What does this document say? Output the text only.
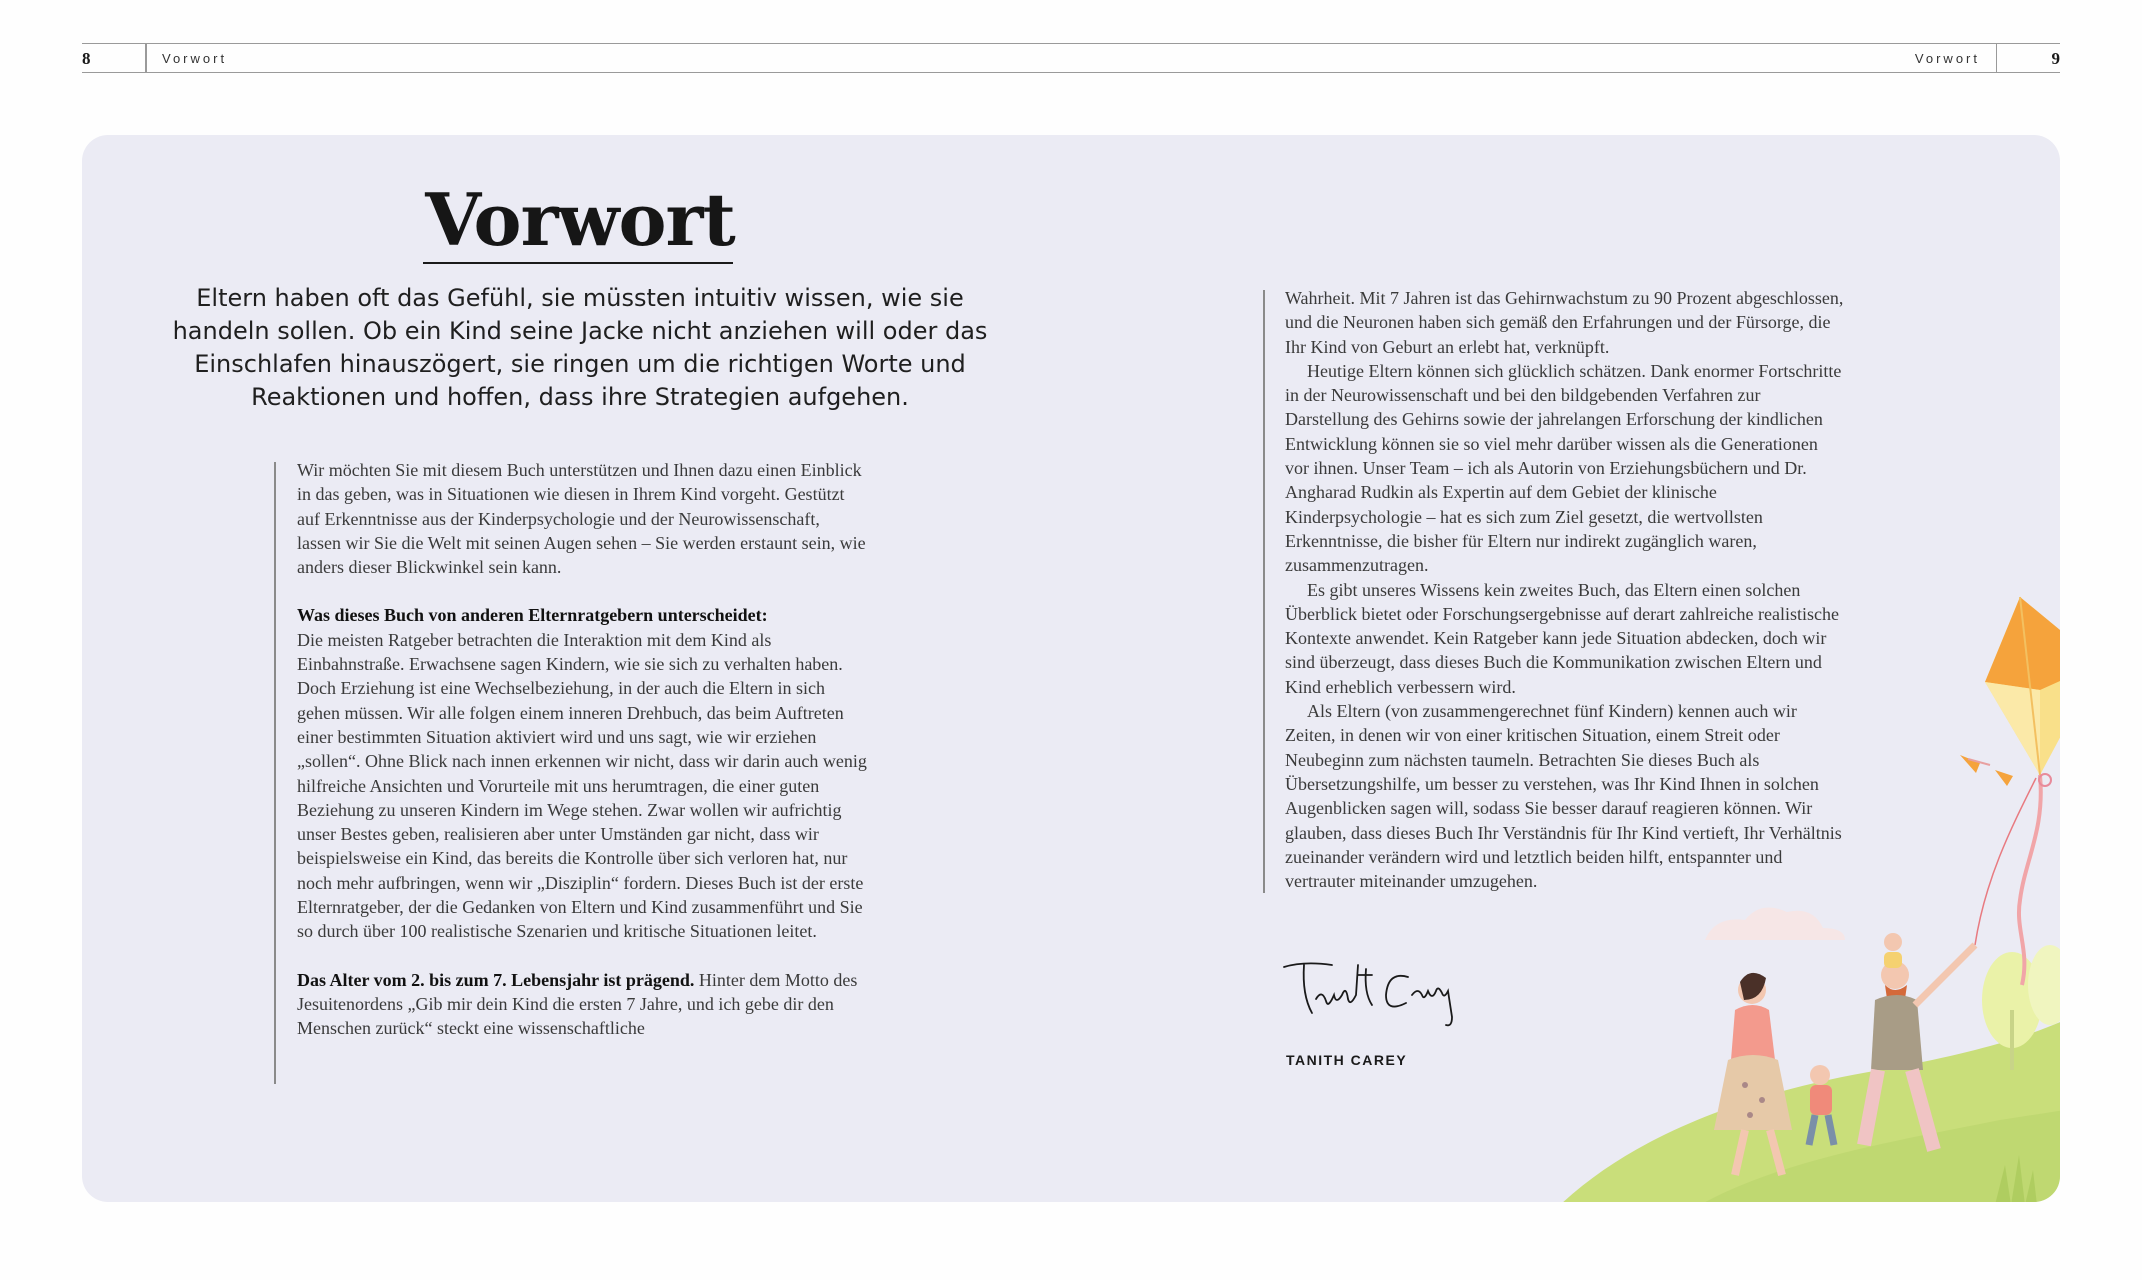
8	Vorwort	Vorwort	9
Vorwort
Eltern haben oft das Gefühl, sie müssten intuitiv wissen, wie sie handeln sollen. Ob ein Kind seine Jacke nicht anziehen will oder das Einschlafen hinauszögert, sie ringen um die richtigen Worte und Reaktionen und hoffen, dass ihre Strategien aufgehen.

Wir möchten Sie mit diesem Buch unterstützen und Ihnen dazu einen Einblick in das geben, was in Situationen wie diesen in Ihrem Kind vorgeht. Gestützt auf Erkenntnisse aus der Kinderpsychologie und der Neurowissenschaft, lassen wir Sie die Welt mit seinen Augen sehen – Sie werden erstaunt sein, wie anders dieser Blickwinkel sein kann.

Was dieses Buch von anderen Elternratgebern unterscheidet:

Die meisten Ratgeber betrachten die Interaktion mit dem Kind als Einbahnstraße. Erwachsene sagen Kindern, wie sie sich zu verhalten haben. Doch Erziehung ist eine Wechselbeziehung, in der auch die Eltern in sich gehen müssen. Wir alle folgen einem inneren Drehbuch, das beim Auftreten einer bestimmten Situation aktiviert wird und uns sagt, wie wir erziehen „sollen“. Ohne Blick nach innen erkennen wir nicht, dass wir darin auch wenig hilfreiche Ansichten und Vorurteile mit uns herumtragen, die einer guten Beziehung zu unseren Kindern im Wege stehen. Zwar wollen wir aufrichtig unser Bestes geben, realisieren aber unter Umständen gar nicht, dass wir beispielsweise ein Kind, das bereits die Kontrolle über sich verloren hat, nur noch mehr aufbringen, wenn wir „Disziplin“ fordern. Dieses Buch ist der erste Elternratgeber, der die Gedanken von Eltern und Kind zusammenführt und Sie so durch über 100 realistische Szenarien und kritische Situationen leitet.

Das Alter vom 2. bis zum 7. Lebensjahr ist prägend. Hinter dem Motto des Jesuitenordens „Gib mir dein Kind die ersten 7 Jahre, und ich gebe dir den Menschen zurück“ steckt eine wissenschaftliche

Wahrheit. Mit 7 Jahren ist das Gehirnwachstum zu 90 Prozent abgeschlossen, und die Neuronen haben sich gemäß den Erfahrungen und der Fürsorge, die Ihr Kind von Geburt an erlebt hat, verknüpft.

Heutige Eltern können sich glücklich schätzen. Dank enormer Fortschritte in der Neurowissenschaft und bei den bildgebenden Verfahren zur Darstellung des Gehirns sowie der jahrelangen Erforschung der kindlichen Entwicklung können sie so viel mehr darüber wissen als die Generationen vor ihnen. Unser Team – ich als Autorin von Erziehungsbüchern und Dr. Angharad Rudkin als Expertin auf dem Gebiet der klinische Kinderpsychologie – hat es sich zum Ziel gesetzt, die wertvollsten Erkenntnisse, die bisher für Eltern nur indirekt zugänglich waren, zusammenzutragen.

Es gibt unseres Wissens kein zweites Buch, das Eltern einen solchen Überblick bietet oder Forschungsergebnisse auf derart zahlreiche realistische Kontexte anwendet. Kein Ratgeber kann jede Situation abdecken, doch wir sind überzeugt, dass dieses Buch die Kommunikation zwischen Eltern und Kind erheblich verbessern wird.

Als Eltern (von zusammengerechnet fünf Kindern) kennen auch wir Zeiten, in denen wir von einer kritischen Situation, einem Streit oder Neubeginn zum nächsten taumeln. Betrachten Sie dieses Buch als Übersetzungshilfe, um besser zu verstehen, was Ihr Kind Ihnen in solchen Augenblicken sagen will, sodass Sie besser darauf reagieren können. Wir glauben, dass dieses Buch Ihr Verständnis für Ihr Kind vertieft, Ihr Verhältnis zueinander verändern wird und letztlich beiden hilft, entspannter und vertrauter miteinander umzugehen.

TANITH CAREY
